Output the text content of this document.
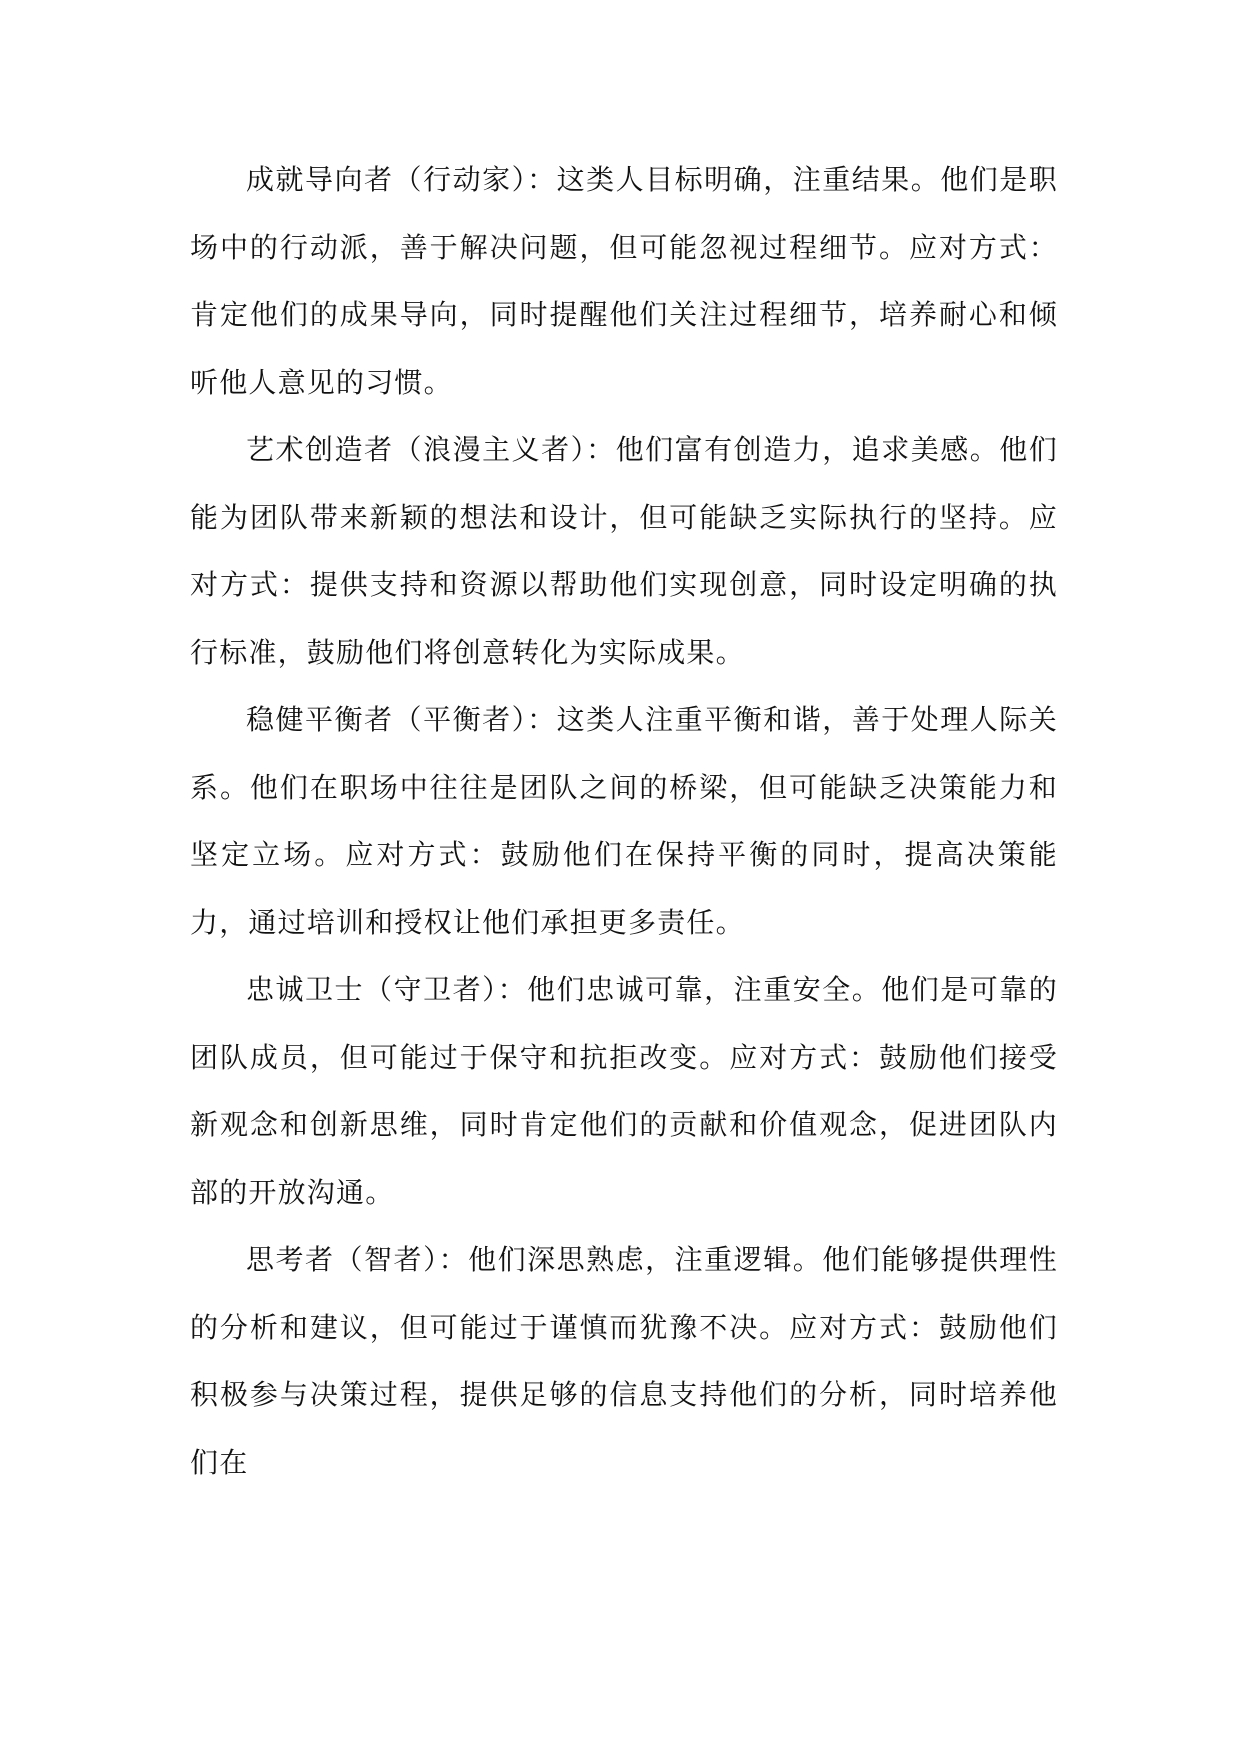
成就导向者（行动家）：这类人目标明确，注重结果。他们是职场中的行动派，善于解决问题，但可能忽视过程细节。应对方式：肯定他们的成果导向，同时提醒他们关注过程细节，培养耐心和倾听他人意见的习惯。

艺术创造者（浪漫主义者）：他们富有创造力，追求美感。他们能为团队带来新颖的想法和设计，但可能缺乏实际执行的坚持。应对方式：提供支持和资源以帮助他们实现创意，同时设定明确的执行标准，鼓励他们将创意转化为实际成果。

稳健平衡者（平衡者）：这类人注重平衡和谐，善于处理人际关系。他们在职场中往往是团队之间的桥梁，但可能缺乏决策能力和坚定立场。应对方式：鼓励他们在保持平衡的同时，提高决策能力，通过培训和授权让他们承担更多责任。

忠诚卫士（守卫者）：他们忠诚可靠，注重安全。他们是可靠的团队成员，但可能过于保守和抗拒改变。应对方式：鼓励他们接受新观念和创新思维，同时肯定他们的贡献和价值观念，促进团队内部的开放沟通。

思考者（智者）：他们深思熟虑，注重逻辑。他们能够提供理性的分析和建议，但可能过于谨慎而犹豫不决。应对方式：鼓励他们积极参与决策过程，提供足够的信息支持他们的分析，同时培养他们在
